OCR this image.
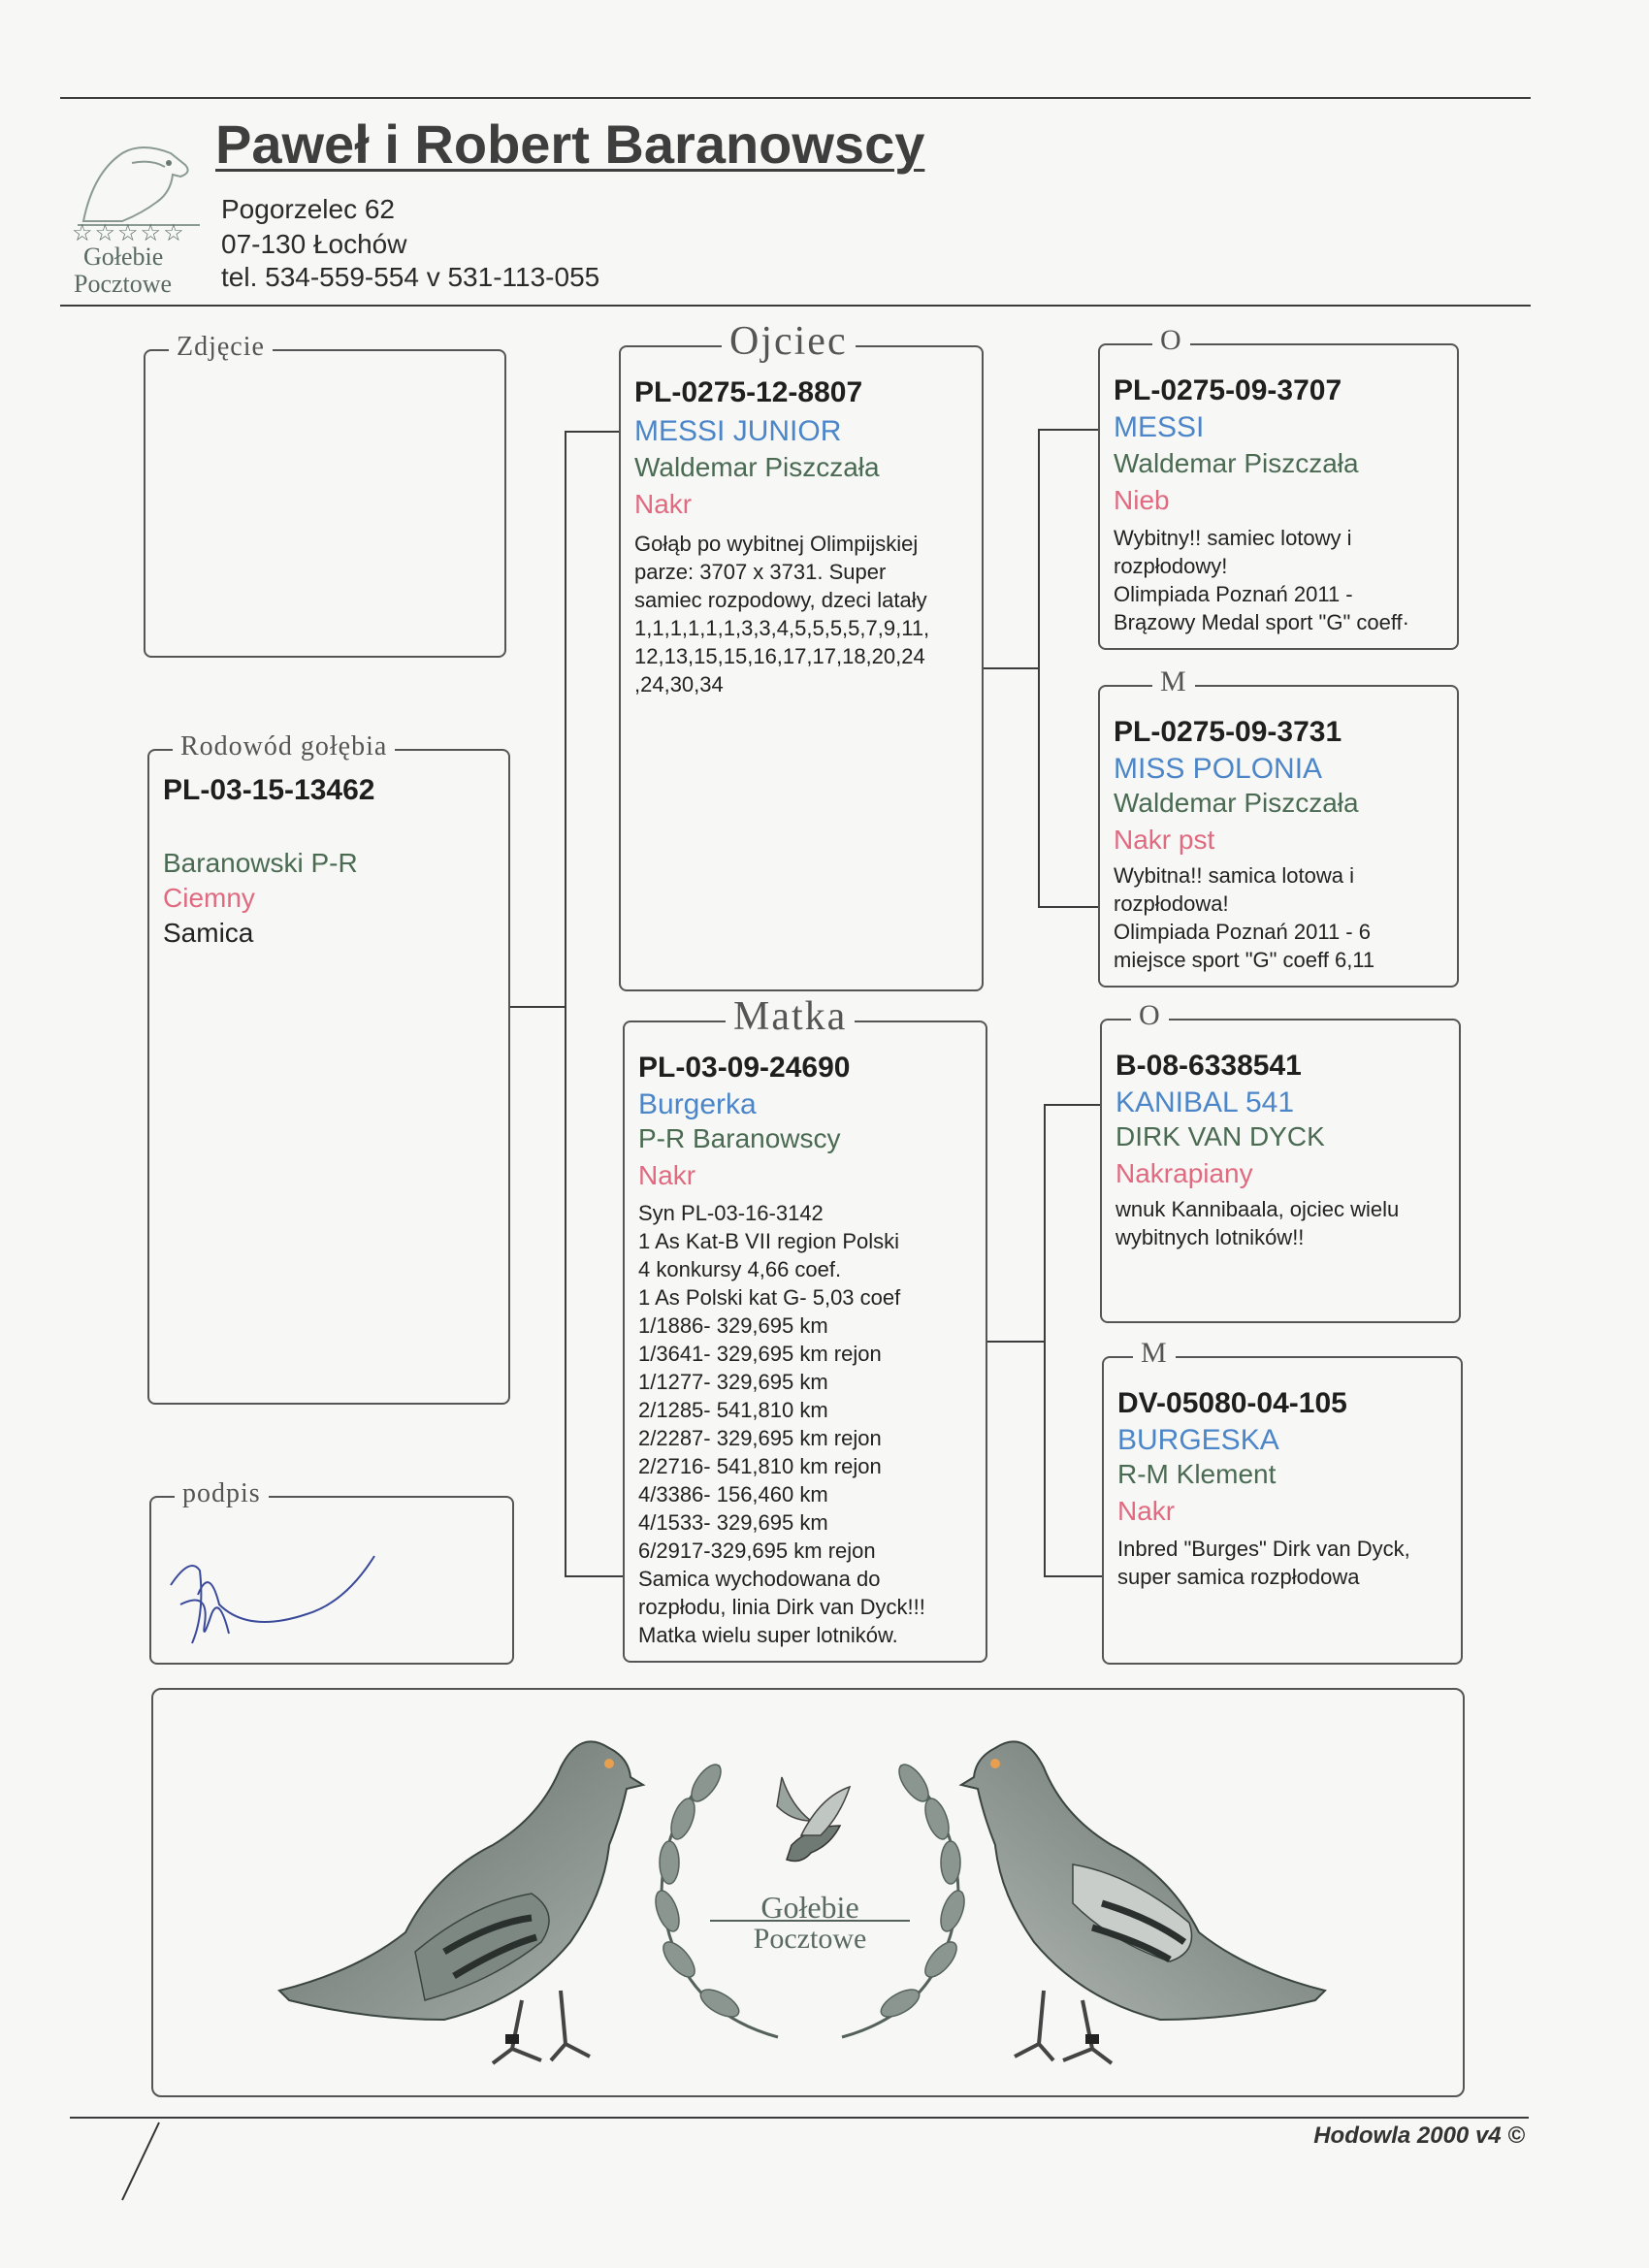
☆☆☆☆☆
Gołebie
Pocztowe
Paweł i Robert Baranowscy
Pogorzelec 62
07-130 Łochów
tel. 534-559-554 v 531-113-055
Zdjęcie
Rodowód gołębia
PL-03-15-13462
Baranowski P-R
Ciemny
Samica
podpis
Ojciec
PL-0275-12-8807
MESSI JUNIOR
Waldemar Piszczała
Nakr
Gołąb po wybitnej Olimpijskiej
parze: 3707 x 3731. Super
samiec rozpodowy, dzeci latały
1,1,1,1,1,1,3,3,4,5,5,5,5,7,9,11,
12,13,15,15,16,17,17,18,20,24
,24,30,34
Matka
PL-03-09-24690
Burgerka
P-R Baranowscy
Nakr
Syn PL-03-16-3142
1 As Kat-B VII region Polski
4 konkursy 4,66 coef.
1 As Polski kat G- 5,03 coef
1/1886- 329,695 km
1/3641- 329,695 km rejon
1/1277- 329,695 km
2/1285- 541,810 km
2/2287- 329,695 km rejon
2/2716- 541,810 km rejon
4/3386- 156,460 km
4/1533- 329,695 km
6/2917-329,695 km rejon
Samica wychodowana do
rozpłodu, linia Dirk van Dyck!!!
Matka wielu super lotników.
O
PL-0275-09-3707
MESSI
Waldemar Piszczała
Nieb
Wybitny!! samiec lotowy i
rozpłodowy!
Olimpiada Poznań 2011 -
Brązowy Medal sport "G" coeff·
M
PL-0275-09-3731
MISS POLONIA
Waldemar Piszczała
Nakr pst
Wybitna!! samica lotowa i
rozpłodowa!
Olimpiada Poznań 2011 - 6
miejsce sport "G" coeff 6,11
O
B-08-6338541
KANIBAL 541
DIRK VAN DYCK
Nakrapiany
wnuk Kannibaala, ojciec wielu
wybitnych lotników!!
M
DV-05080-04-105
BURGESKA
R-M Klement
Nakr
Inbred "Burges" Dirk van Dyck,
super samica rozpłodowa
Gołebie
Pocztowe
Hodowla 2000 v4 ©
